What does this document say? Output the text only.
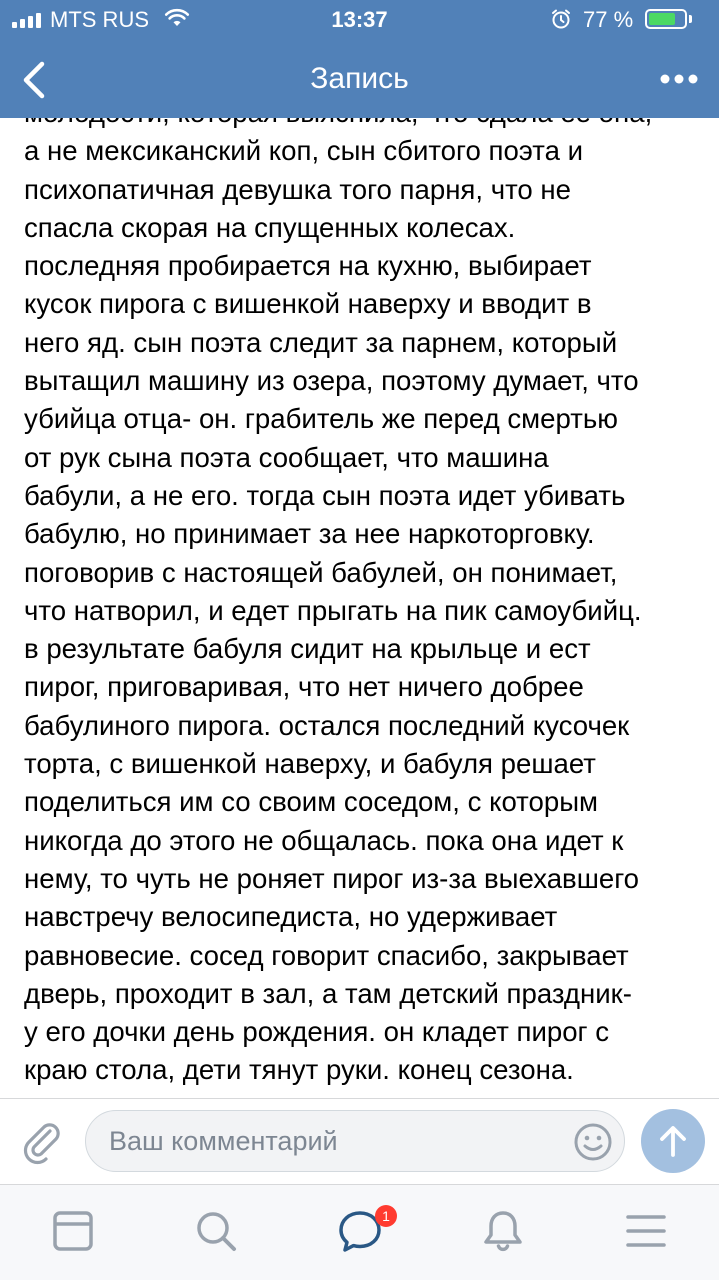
MTS RUS	13:37	77 %
Запись

а не мексиканский коп, сын сбитого поэта и
психопатичная девушка того парня, что не
спасла скорая на спущенных колесах.
последняя пробирается на кухню, выбирает
кусок пирога с вишенкой наверху и вводит в
него яд. сын поэта следит за парнем, который
вытащил машину из озера, поэтому думает, что
убийца отца- он. грабитель же перед смертью
от рук сына поэта сообщает, что машина
бабули, а не его. тогда сын поэта идет убивать
бабулю, но принимает за нее наркоторговку.
поговорив с настоящей бабулей, он понимает,
что натворил, и едет прыгать на пик самоубийц.
в результате бабуля сидит на крыльце и ест
пирог, приговаривая, что нет ничего добрее
бабулиного пирога. остался последний кусочек
торта, с вишенкой наверху, и бабуля решает
поделиться им со своим соседом, с которым
никогда до этого не общалась. пока она идет к
нему, то чуть не роняет пирог из-за выехавшего
навстречу велосипедиста, но удерживает
равновесие. сосед говорит спасибо, закрывает
дверь, проходит в зал, а там детский праздник-
у его дочки день рождения. он кладет пирог с
краю стола, дети тянут руки. конец сезона.

Ваш комментарий
1
